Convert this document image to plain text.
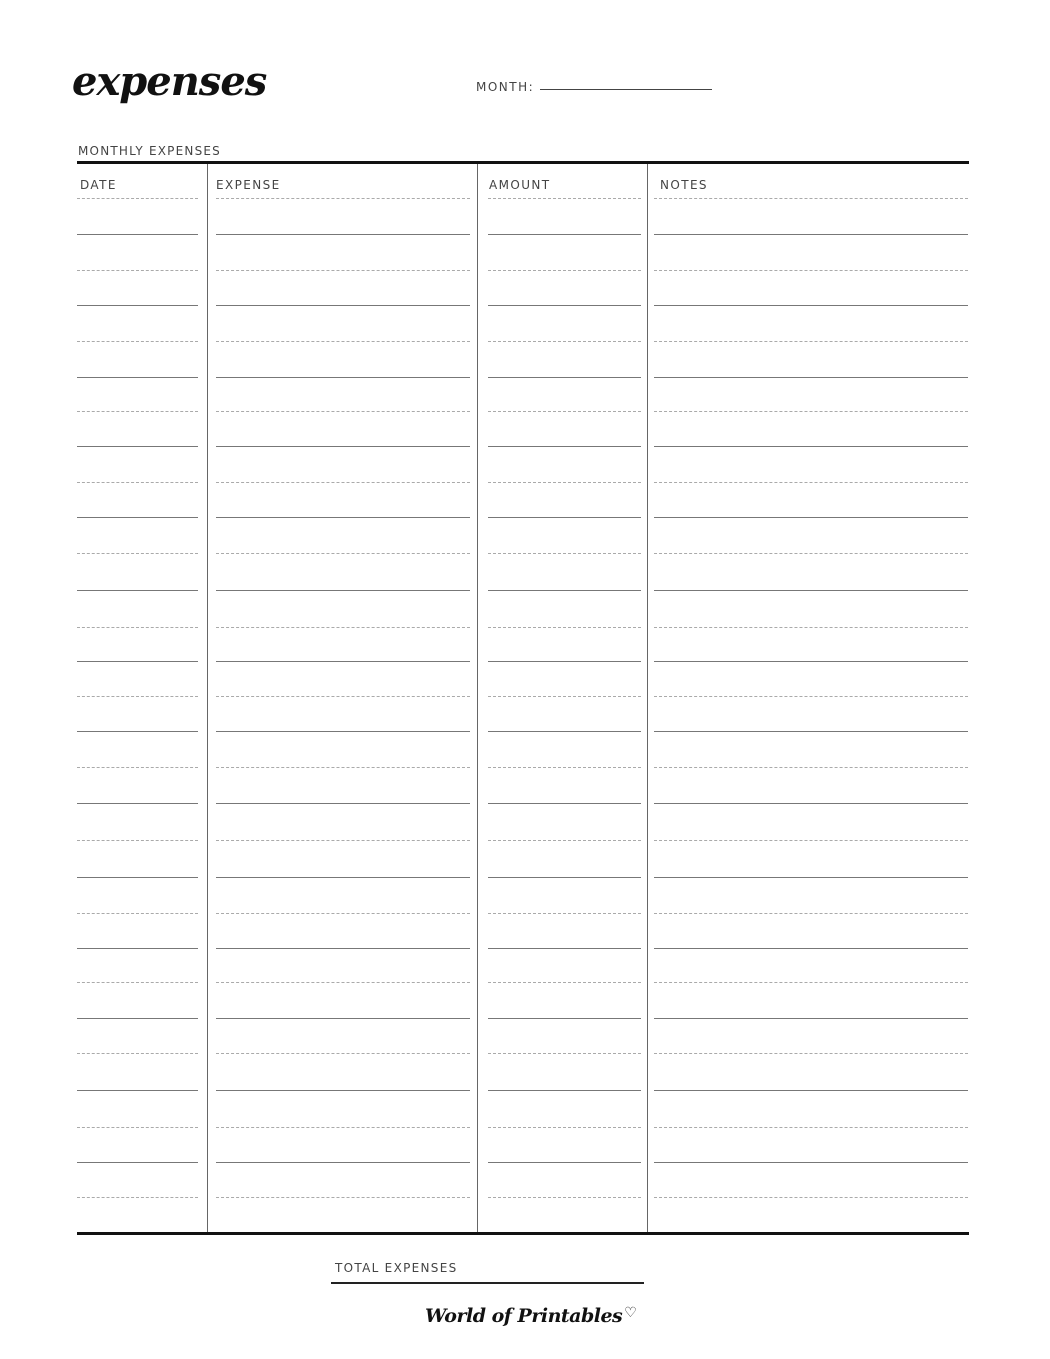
expenses	MONTH:
MONTHLY EXPENSES
DATE	EXPENSE	AMOUNT	NOTES
TOTAL EXPENSES
World of Printables ♡
